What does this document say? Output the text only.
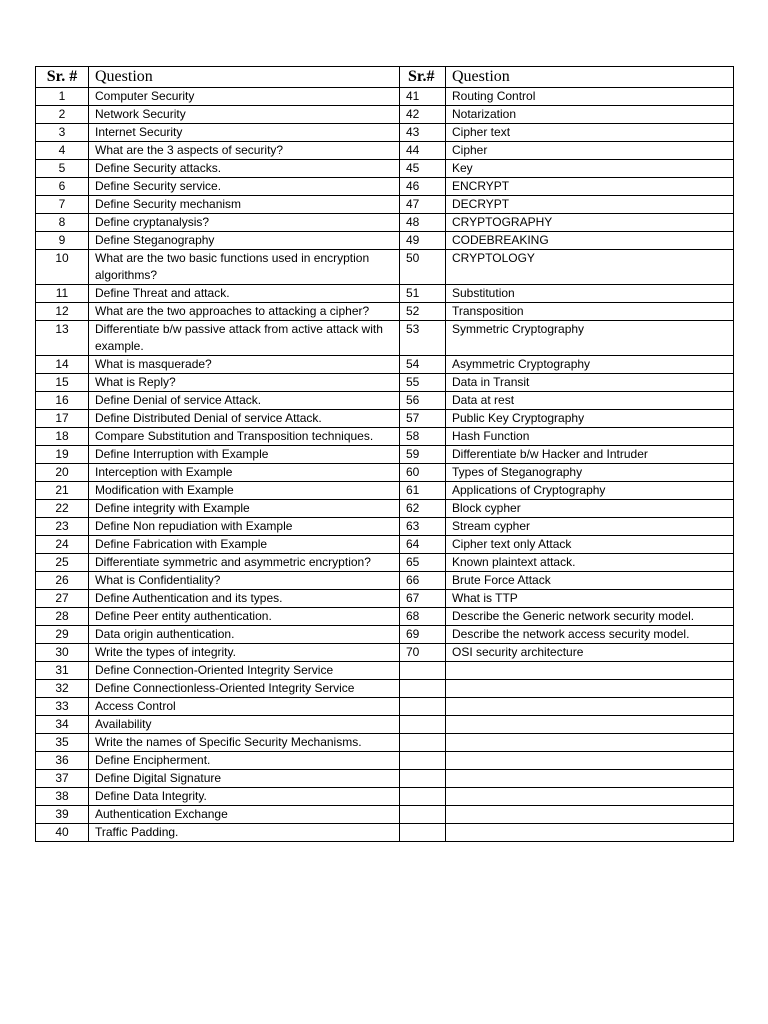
Sr. #	Question	Sr.#	Question
1	Computer Security	41	Routing Control
2	Network Security	42	Notarization
3	Internet Security	43	Cipher text
4	What are the 3 aspects of security?	44	Cipher
5	Define Security attacks.	45	Key
6	Define Security service.	46	ENCRYPT
7	Define Security mechanism	47	DECRYPT
8	Define cryptanalysis?	48	CRYPTOGRAPHY
9	Define Steganography	49	CODEBREAKING
10	What are the two basic functions used in encryption algorithms?	50	CRYPTOLOGY
11	Define Threat and attack.	51	Substitution
12	What are the two approaches to attacking a cipher?	52	Transposition
13	Differentiate b/w passive attack from active attack with example.	53	Symmetric Cryptography
14	What is masquerade?	54	Asymmetric Cryptography
15	What is Reply?	55	Data in Transit
16	Define Denial of service Attack.	56	Data at rest
17	Define Distributed Denial of service Attack.	57	Public Key Cryptography
18	Compare Substitution and Transposition techniques.	58	Hash Function
19	Define Interruption with Example	59	Differentiate b/w Hacker and Intruder
20	Interception with Example	60	Types of Steganography
21	Modification with Example	61	Applications of Cryptography
22	Define integrity with Example	62	Block cypher
23	Define Non repudiation with Example	63	Stream cypher
24	Define Fabrication with Example	64	Cipher text only Attack
25	Differentiate symmetric and asymmetric encryption?	65	Known plaintext attack.
26	What is Confidentiality?	66	Brute Force Attack
27	Define Authentication and its types.	67	What is TTP
28	Define Peer entity authentication.	68	Describe the Generic network security model.
29	Data origin authentication.	69	Describe the network access security model.
30	Write the types of integrity.	70	OSI security architecture
31	Define Connection-Oriented Integrity Service		
32	Define Connectionless-Oriented Integrity Service		
33	Access Control		
34	Availability		
35	Write the names of Specific Security Mechanisms.		
36	Define Encipherment.		
37	Define Digital Signature		
38	Define Data Integrity.		
39	Authentication Exchange		
40	Traffic Padding.		
